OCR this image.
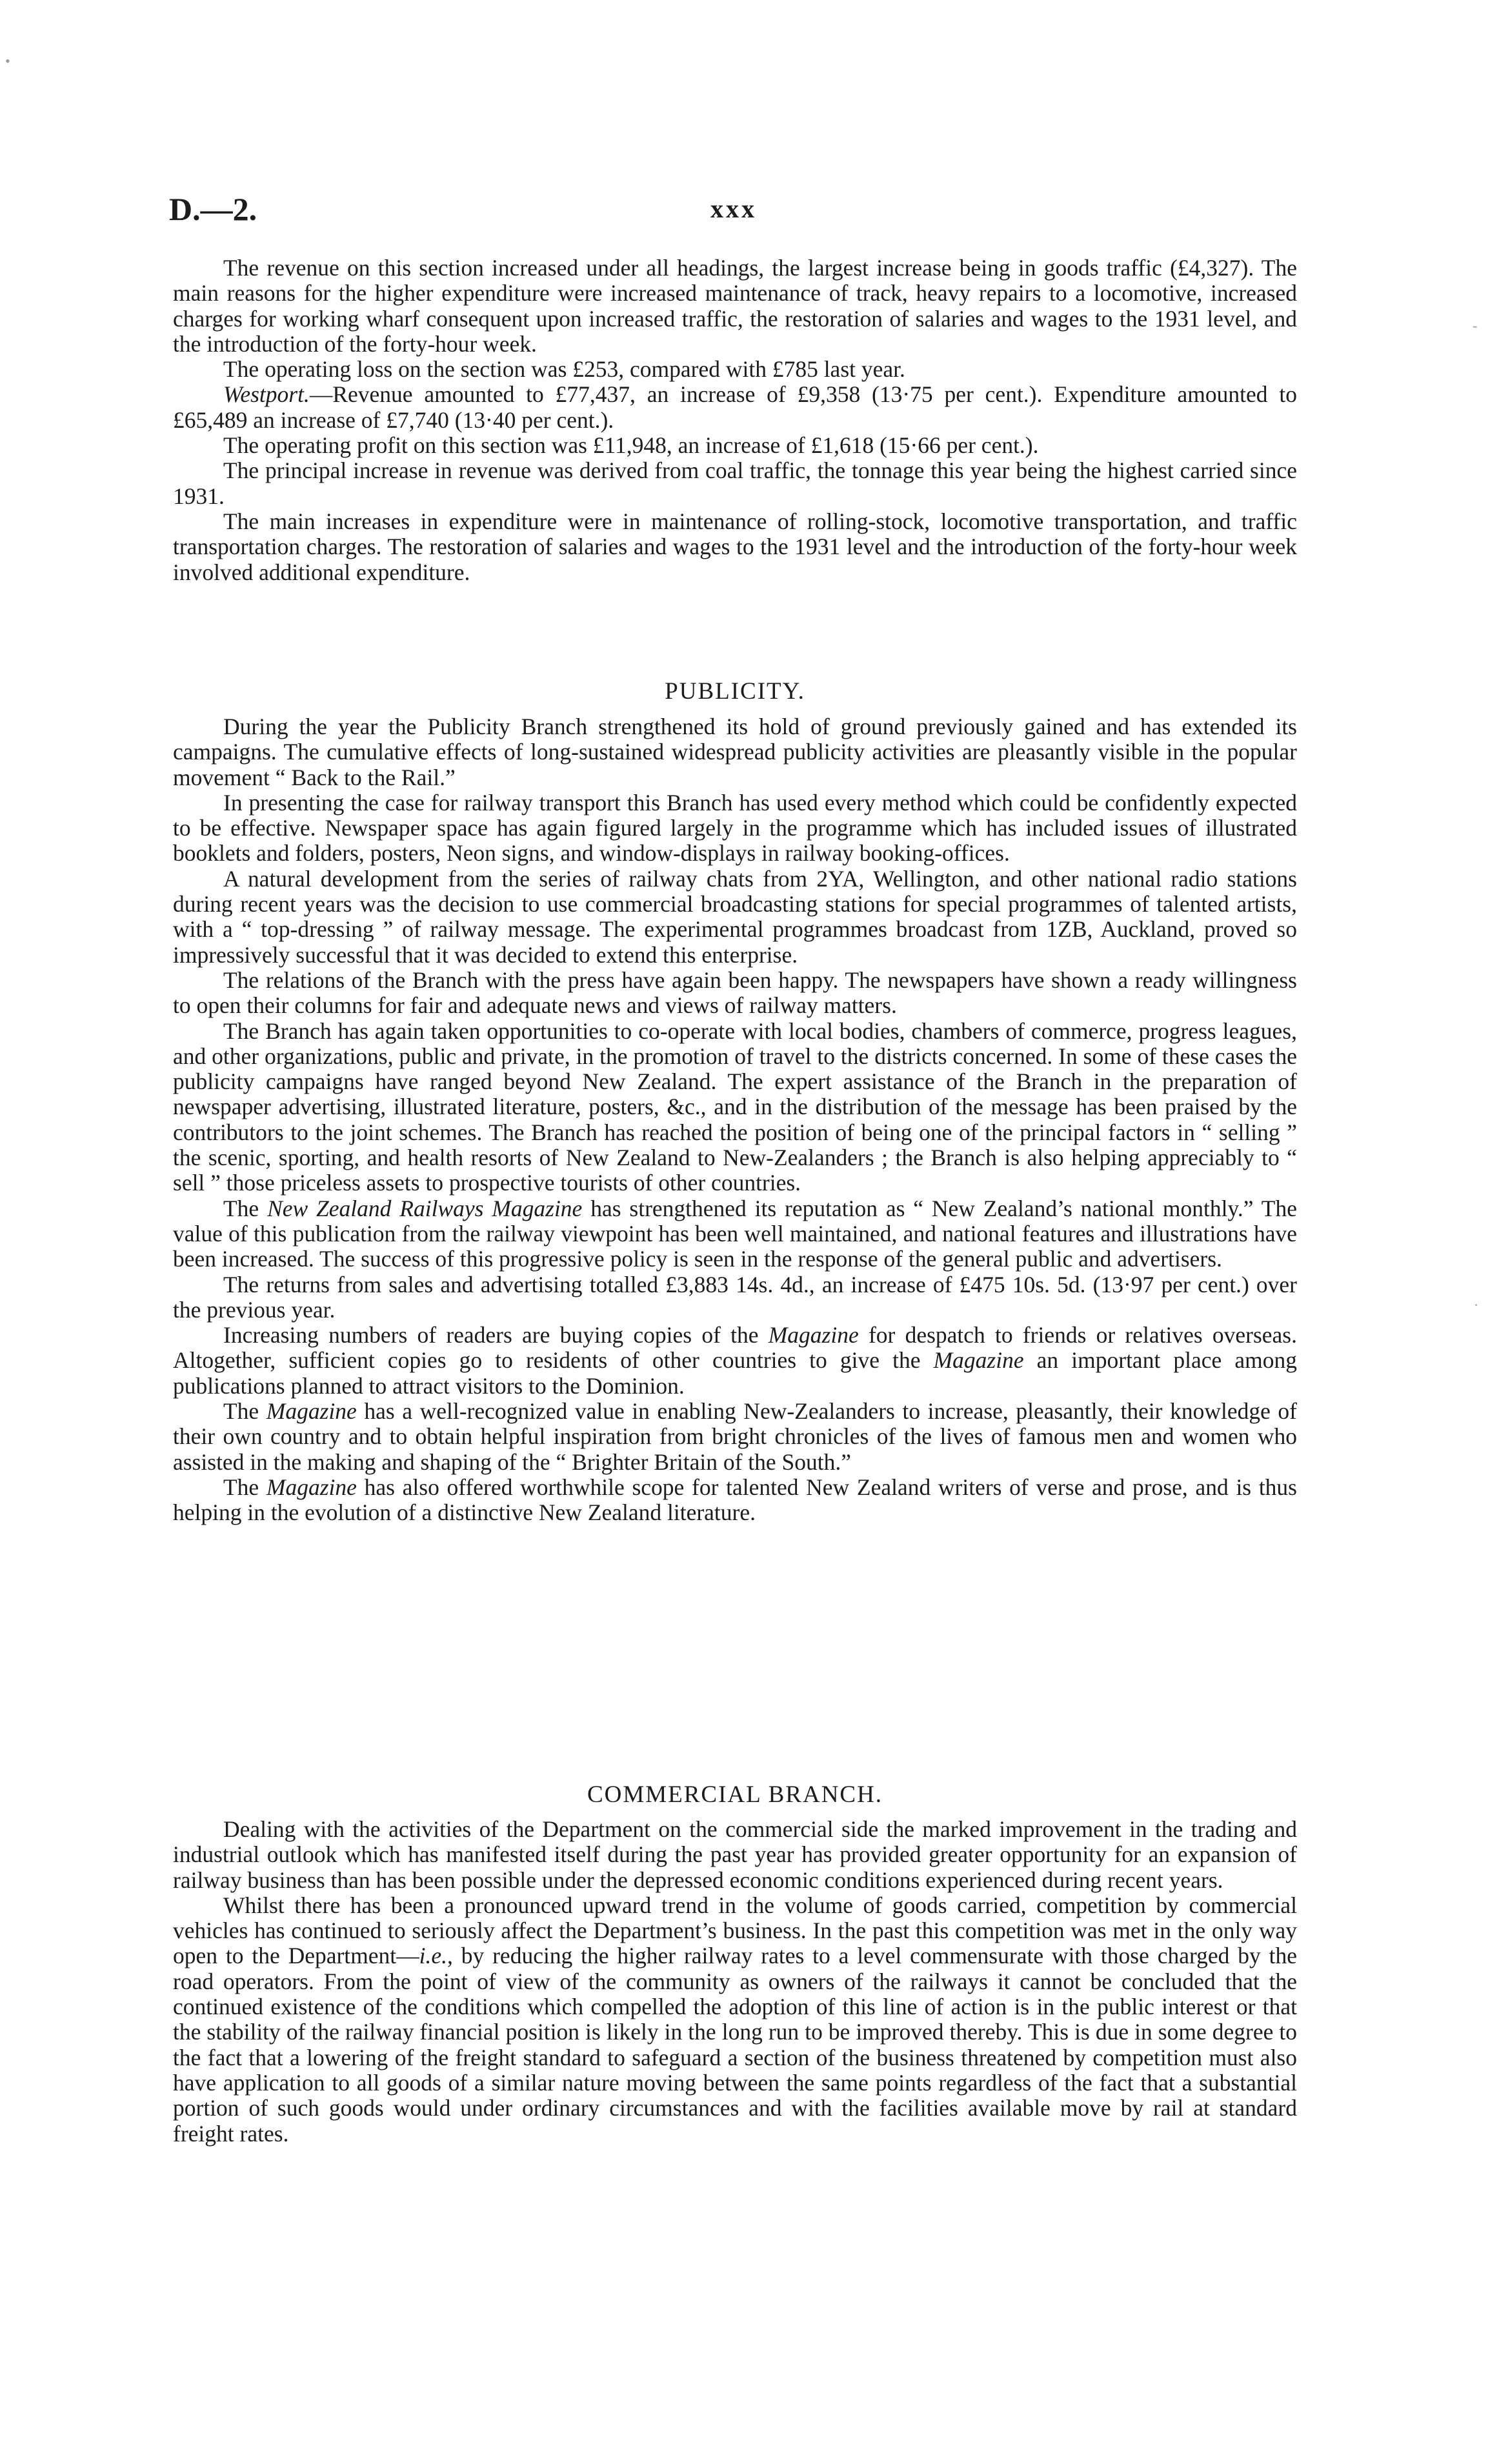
D.—2.	xxx
•
-
·

The revenue on this section increased under all headings, the largest increase being in goods traffic (£4,327). The main reasons for the higher expenditure were increased maintenance of track, heavy repairs to a locomotive, increased charges for working wharf consequent upon increased traffic, the restoration of salaries and wages to the 1931 level, and the introduction of the forty-hour week.

The operating loss on the section was £253, compared with £785 last year.

Westport.—Revenue amounted to £77,437, an increase of £9,358 (13·75 per cent.). Expenditure amounted to £65,489 an increase of £7,740 (13·40 per cent.).

The operating profit on this section was £11,948, an increase of £1,618 (15·66 per cent.).

The principal increase in revenue was derived from coal traffic, the tonnage this year being the highest carried since 1931.

The main increases in expenditure were in maintenance of rolling-stock, locomotive transportation, and traffic transportation charges. The restoration of salaries and wages to the 1931 level and the introduction of the forty-hour week involved additional expenditure.

PUBLICITY.

During the year the Publicity Branch strengthened its hold of ground previously gained and has extended its campaigns. The cumulative effects of long-sustained widespread publicity activities are pleasantly visible in the popular movement “ Back to the Rail.”

In presenting the case for railway transport this Branch has used every method which could be confidently expected to be effective. Newspaper space has again figured largely in the programme which has included issues of illustrated booklets and folders, posters, Neon signs, and window-displays in railway booking-offices.

A natural development from the series of railway chats from 2YA, Wellington, and other national radio stations during recent years was the decision to use commercial broadcasting stations for special programmes of talented artists, with a “ top-dressing ” of railway message. The experimental programmes broadcast from 1ZB, Auckland, proved so impressively successful that it was decided to extend this enterprise.

The relations of the Branch with the press have again been happy. The newspapers have shown a ready willingness to open their columns for fair and adequate news and views of railway matters.

The Branch has again taken opportunities to co-operate with local bodies, chambers of commerce, progress leagues, and other organizations, public and private, in the promotion of travel to the districts concerned. In some of these cases the publicity campaigns have ranged beyond New Zealand. The expert assistance of the Branch in the preparation of newspaper advertising, illustrated literature, posters, &c., and in the distribution of the message has been praised by the contributors to the joint schemes. The Branch has reached the position of being one of the principal factors in “ selling ” the scenic, sporting, and health resorts of New Zealand to New-Zealanders ; the Branch is also helping appreciably to “ sell ” those priceless assets to prospective tourists of other countries.

The New Zealand Railways Magazine has strengthened its reputation as “ New Zealand’s national monthly.” The value of this publication from the railway viewpoint has been well maintained, and national features and illustrations have been increased. The success of this progressive policy is seen in the response of the general public and advertisers.

The returns from sales and advertising totalled £3,883 14s. 4d., an increase of £475 10s. 5d. (13·97 per cent.) over the previous year.

Increasing numbers of readers are buying copies of the Magazine for despatch to friends or relatives overseas. Altogether, sufficient copies go to residents of other countries to give the Magazine an important place among publications planned to attract visitors to the Dominion.

The Magazine has a well-recognized value in enabling New-Zealanders to increase, pleasantly, their knowledge of their own country and to obtain helpful inspiration from bright chronicles of the lives of famous men and women who assisted in the making and shaping of the “ Brighter Britain of the South.”

The Magazine has also offered worthwhile scope for talented New Zealand writers of verse and prose, and is thus helping in the evolution of a distinctive New Zealand literature.

COMMERCIAL BRANCH.

Dealing with the activities of the Department on the commercial side the marked improvement in the trading and industrial outlook which has manifested itself during the past year has provided greater opportunity for an expansion of railway business than has been possible under the depressed economic conditions experienced during recent years.

Whilst there has been a pronounced upward trend in the volume of goods carried, competition by commercial vehicles has continued to seriously affect the Department’s business. In the past this competition was met in the only way open to the Department—i.e., by reducing the higher railway rates to a level commensurate with those charged by the road operators. From the point of view of the community as owners of the railways it cannot be concluded that the continued existence of the conditions which compelled the adoption of this line of action is in the public interest or that the stability of the railway financial position is likely in the long run to be improved thereby. This is due in some degree to the fact that a lowering of the freight standard to safeguard a section of the business threatened by competition must also have application to all goods of a similar nature moving between the same points regardless of the fact that a substantial portion of such goods would under ordinary circumstances and with the facilities available move by rail at standard freight rates.
